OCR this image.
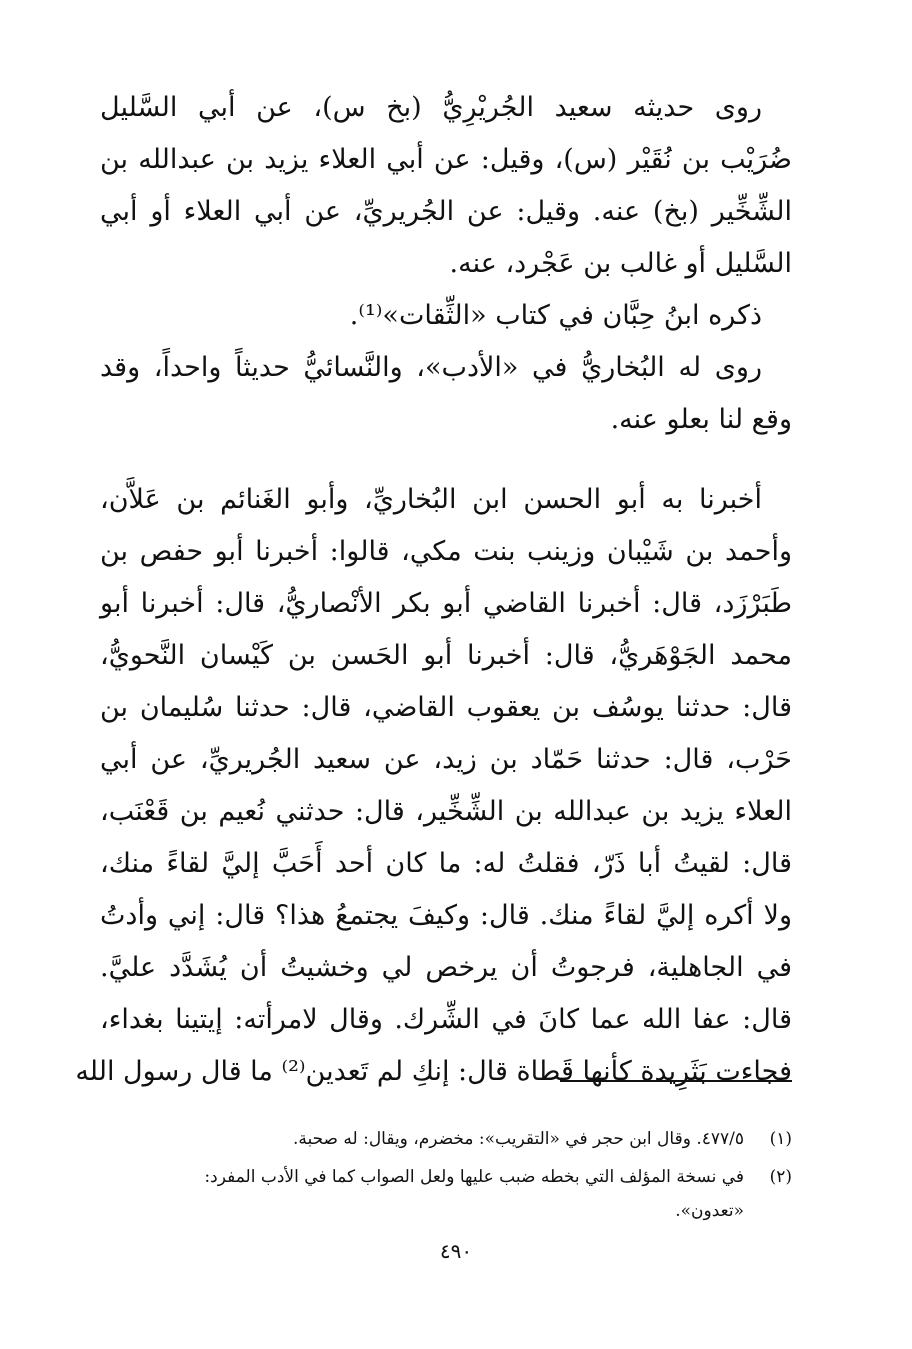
روى حديثه سعيد الجُريْرِيُّ (بخ س)، عن أبي السَّليل
ضُرَيْب بن نُقَيْر (س)، وقيل: عن أبي العلاء يزيد بن عبدالله بن
الشِّخِّير (بخ) عنه. وقيل: عن الجُريريِّ، عن أبي العلاء أو أبي
السَّليل أو غالب بن عَجْرد، عنه.
ذكره ابنُ حِبَّان في كتاب «الثِّقات»⁽¹⁾.
روى له البُخاريُّ في «الأدب»، والنَّسائيُّ حديثاً واحداً، وقد
وقع لنا بعلو عنه.
أخبرنا به أبو الحسن ابن البُخاريِّ، وأبو الغَنائم بن عَلاَّن،
وأحمد بن شَيْبان وزينب بنت مكي، قالوا: أخبرنا أبو حفص بن
طَبَرْزَد، قال: أخبرنا القاضي أبو بكر الأنْصاريُّ، قال: أخبرنا أبو
محمد الجَوْهَريُّ، قال: أخبرنا أبو الحَسن بن كَيْسان النَّحويُّ،
قال: حدثنا يوسُف بن يعقوب القاضي، قال: حدثنا سُليمان بن
حَرْب، قال: حدثنا حَمّاد بن زيد، عن سعيد الجُريريِّ، عن أبي
العلاء يزيد بن عبدالله بن الشِّخِّير، قال: حدثني نُعيم بن قَعْنَب،
قال: لقيتُ أبا ذَرّ، فقلتُ له: ما كان أحد أَحَبَّ إليَّ لقاءً منك،
ولا أكره إليَّ لقاءً منك. قال: وكيفَ يجتمعُ هذا؟ قال: إني وأدتُ
في الجاهلية، فرجوتُ أن يرخص لي وخشيتُ أن يُشَدَّد عليَّ.
قال: عفا الله عما كانَ في الشِّرك. وقال لامرأته: إيتينا بغداء،
فجاءت بَثَرِيدة كأنها قَطاة قال: إنكِ لم تَعدين⁽²⁾ ما قال رسول الله
(١)
٤٧٧/٥. وقال ابن حجر في «التقريب»: مخضرم، ويقال: له صحبة.
(٢)
في نسخة المؤلف التي بخطه ضبب عليها ولعل الصواب كما في الأدب المفرد:
«تعدون».
٤٩٠
